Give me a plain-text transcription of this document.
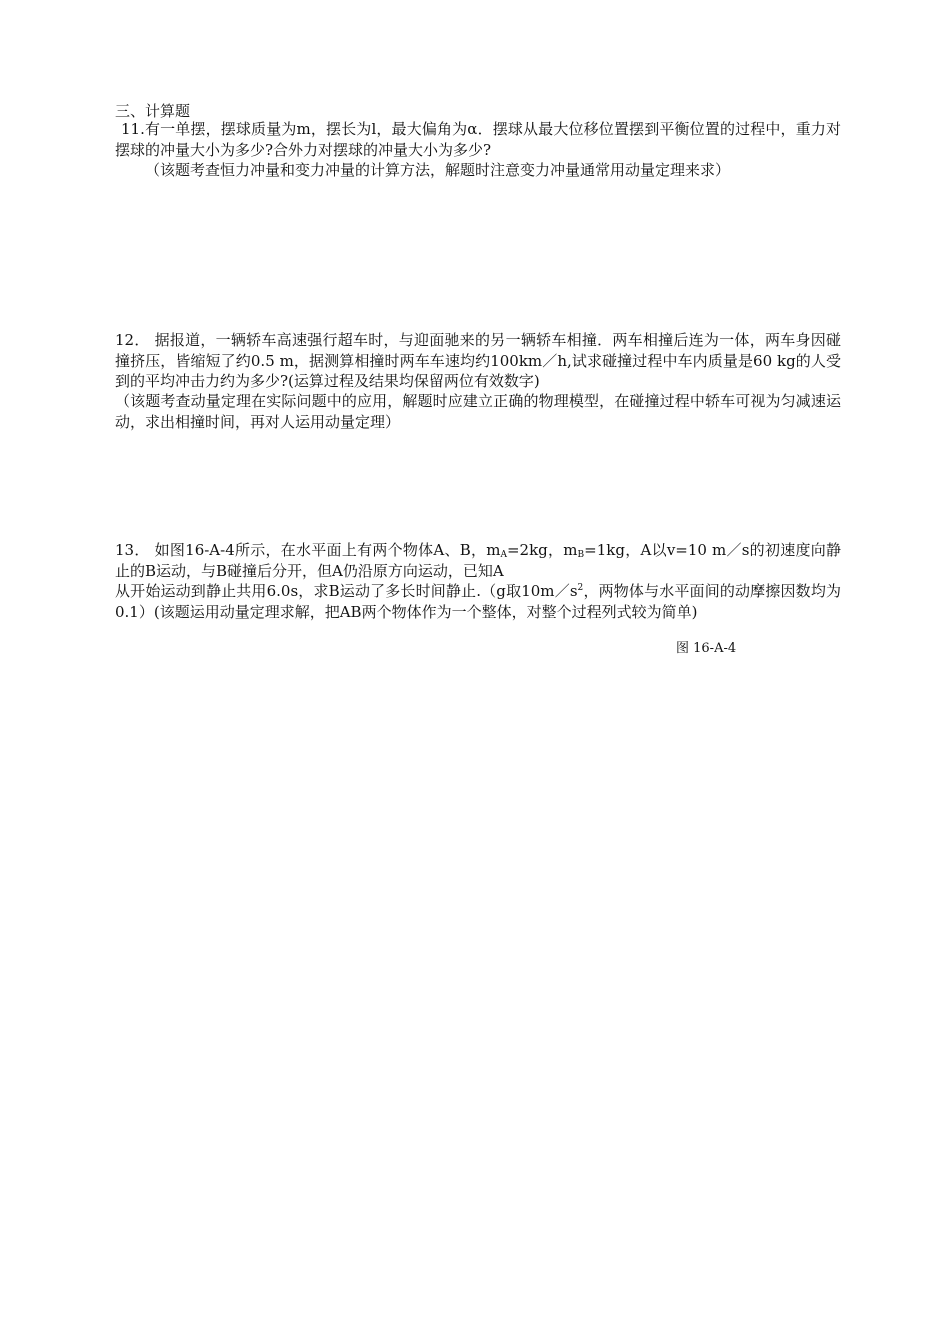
三、计算题
11.有一单摆，摆球质量为m，摆长为l，最大偏角为α．摆球从最大位移位置摆到平衡位置的过程中，重力对摆球的冲量大小为多少?合外力对摆球的冲量大小为多少?
（该题考查恒力冲量和变力冲量的计算方法，解题时注意变力冲量通常用动量定理来求）
12． 据报道，一辆轿车高速强行超车时，与迎面驰来的另一辆轿车相撞．两车相撞后连为一体，两车身因碰撞挤压，皆缩短了约0.5 m，据测算相撞时两车车速均约100km／h,试求碰撞过程中车内质量是60 kg的人受到的平均冲击力约为多少?(运算过程及结果均保留两位有效数字)
（该题考查动量定理在实际问题中的应用，解题时应建立正确的物理模型，在碰撞过程中轿车可视为匀减速运动，求出相撞时间，再对人运用动量定理）
13． 如图16-A-4所示，在水平面上有两个物体A、B，$m_A=2kg$，$m_B=1kg$，A以v=10 m／s的初速度向静止的B运动，与B碰撞后分开，但A仍沿原方向运动，已知A
从开始运动到静止共用6.0s，求B运动了多长时间静止.（g取$10m/s^2$，两物体与水平面间的动摩擦因数均为0.1）(该题运用动量定理求解，把AB两个物体作为一个整体，对整个过程列式较为简单)
图 16-A-4
